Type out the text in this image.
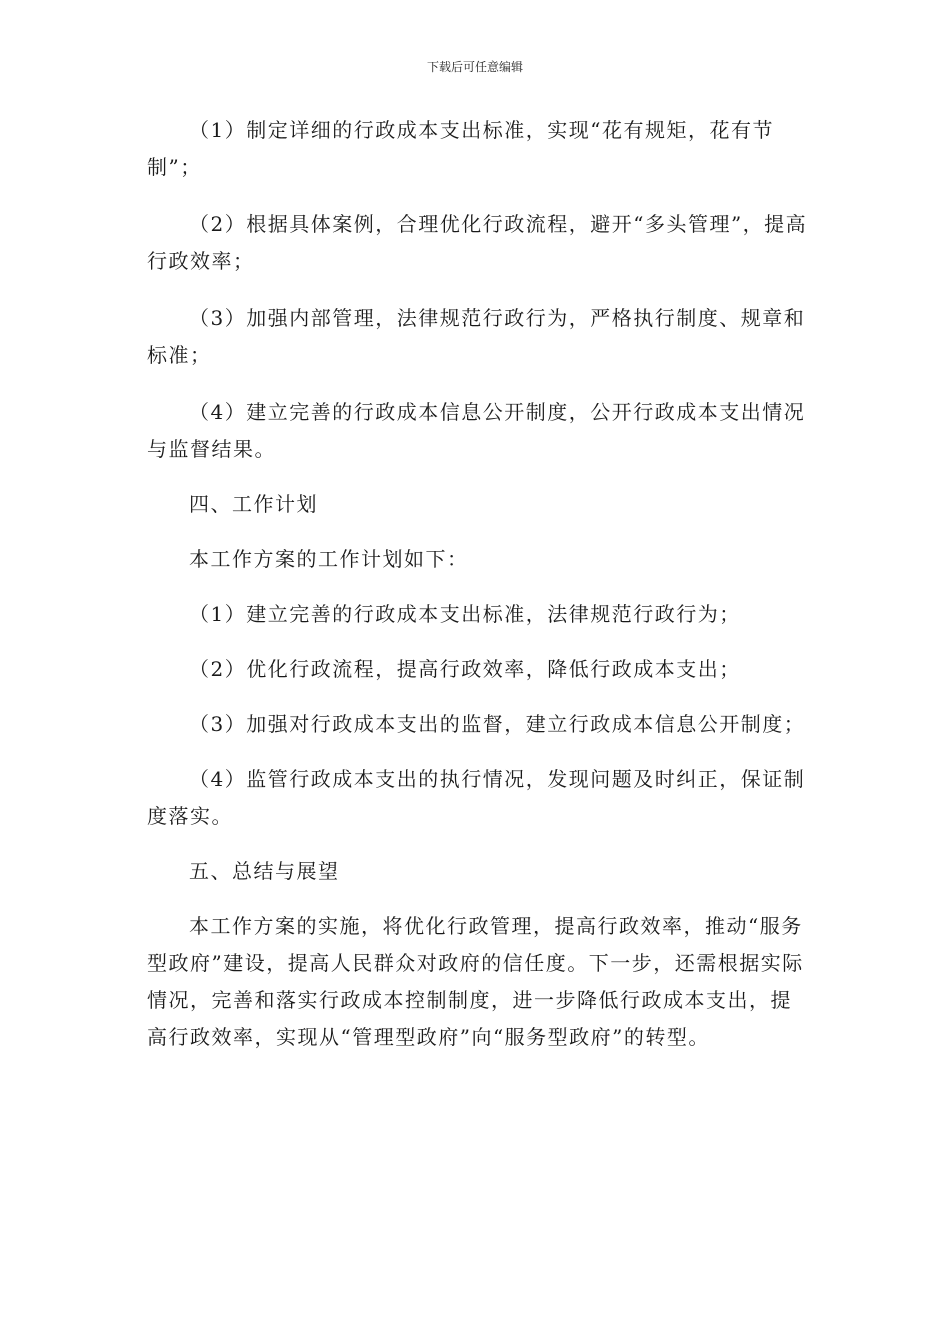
下载后可任意编辑

（1）制定详细的行政成本支出标准，实现“花有规矩，花有节制”；

（2）根据具体案例，合理优化行政流程，避开“多头管理”，提高行政效率；

（3）加强内部管理，法律规范行政行为，严格执行制度、规章和标准；

（4）建立完善的行政成本信息公开制度，公开行政成本支出情况与监督结果。

四、工作计划

本工作方案的工作计划如下：

（1）建立完善的行政成本支出标准，法律规范行政行为；

（2）优化行政流程，提高行政效率，降低行政成本支出；

（3）加强对行政成本支出的监督，建立行政成本信息公开制度；

（4）监管行政成本支出的执行情况，发现问题及时纠正，保证制度落实。

五、总结与展望

本工作方案的实施，将优化行政管理，提高行政效率，推动“服务型政府”建设，提高人民群众对政府的信任度。下一步，还需根据实际情况，完善和落实行政成本控制制度，进一步降低行政成本支出，提高行政效率，实现从“管理型政府”向“服务型政府”的转型。
